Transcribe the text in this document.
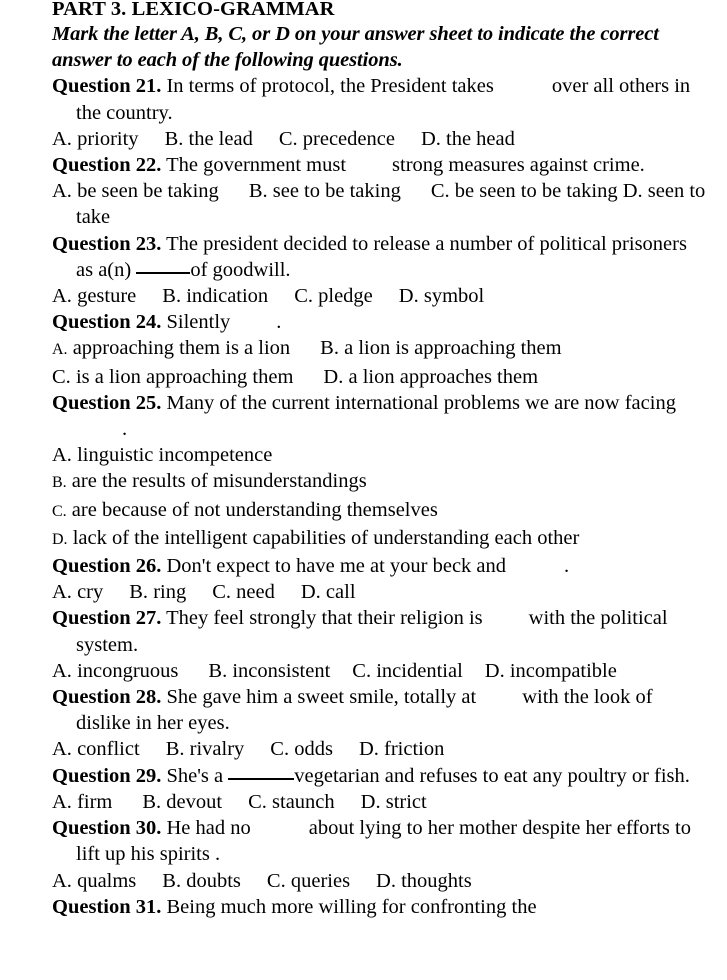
PART 3. LEXICO-GRAMMAR
Mark the letter A, B, C, or D on your answer sheet to indicate the correct answer to each of the following questions.
Question 21. In terms of protocol, the President takes	over all others in the country.
A. priority B. the lead C. precedence D. the head
Question 22. The government must strong measures against crime.
A. be seen be taking B. see to be taking C. be seen to be taking D. seen to take
Question 23. The president decided to release a number of political prisoners as a(n)	of goodwill.
A. gesture B. indication C. pledge D. symbol
Question 24. Silently .
A. approaching them is a lion B. a lion is approaching them
C. is a lion approaching them D. a lion approaches them
Question 25. Many of the current international problems we are now facing.
A. linguistic incompetence
B. are the results of misunderstandings
C. are because of not understanding themselves
D. lack of the intelligent capabilities of understanding each other
Question 26. Don't expect to have me at your beck and	.
A. cry B. ring C. need D. call
Question 27. They feel strongly that their religion is with the political system.
A. incongruous B. inconsistent C. incidential D. incompatible
Question 28. She gave him a sweet smile, totally at with the look of dislike in her eyes.
A. conflict B. rivalry C. odds D. friction
Question 29. She's a	vegetarian and refuses to eat any poultry or fish.
A. firm B. devout C. staunch D. strict
Question 30. He had no	about lying to her mother despite her efforts to lift up his spirits .
A. qualms B. doubts C. queries D. thoughts
Question 31. Being much more willing for confronting the
